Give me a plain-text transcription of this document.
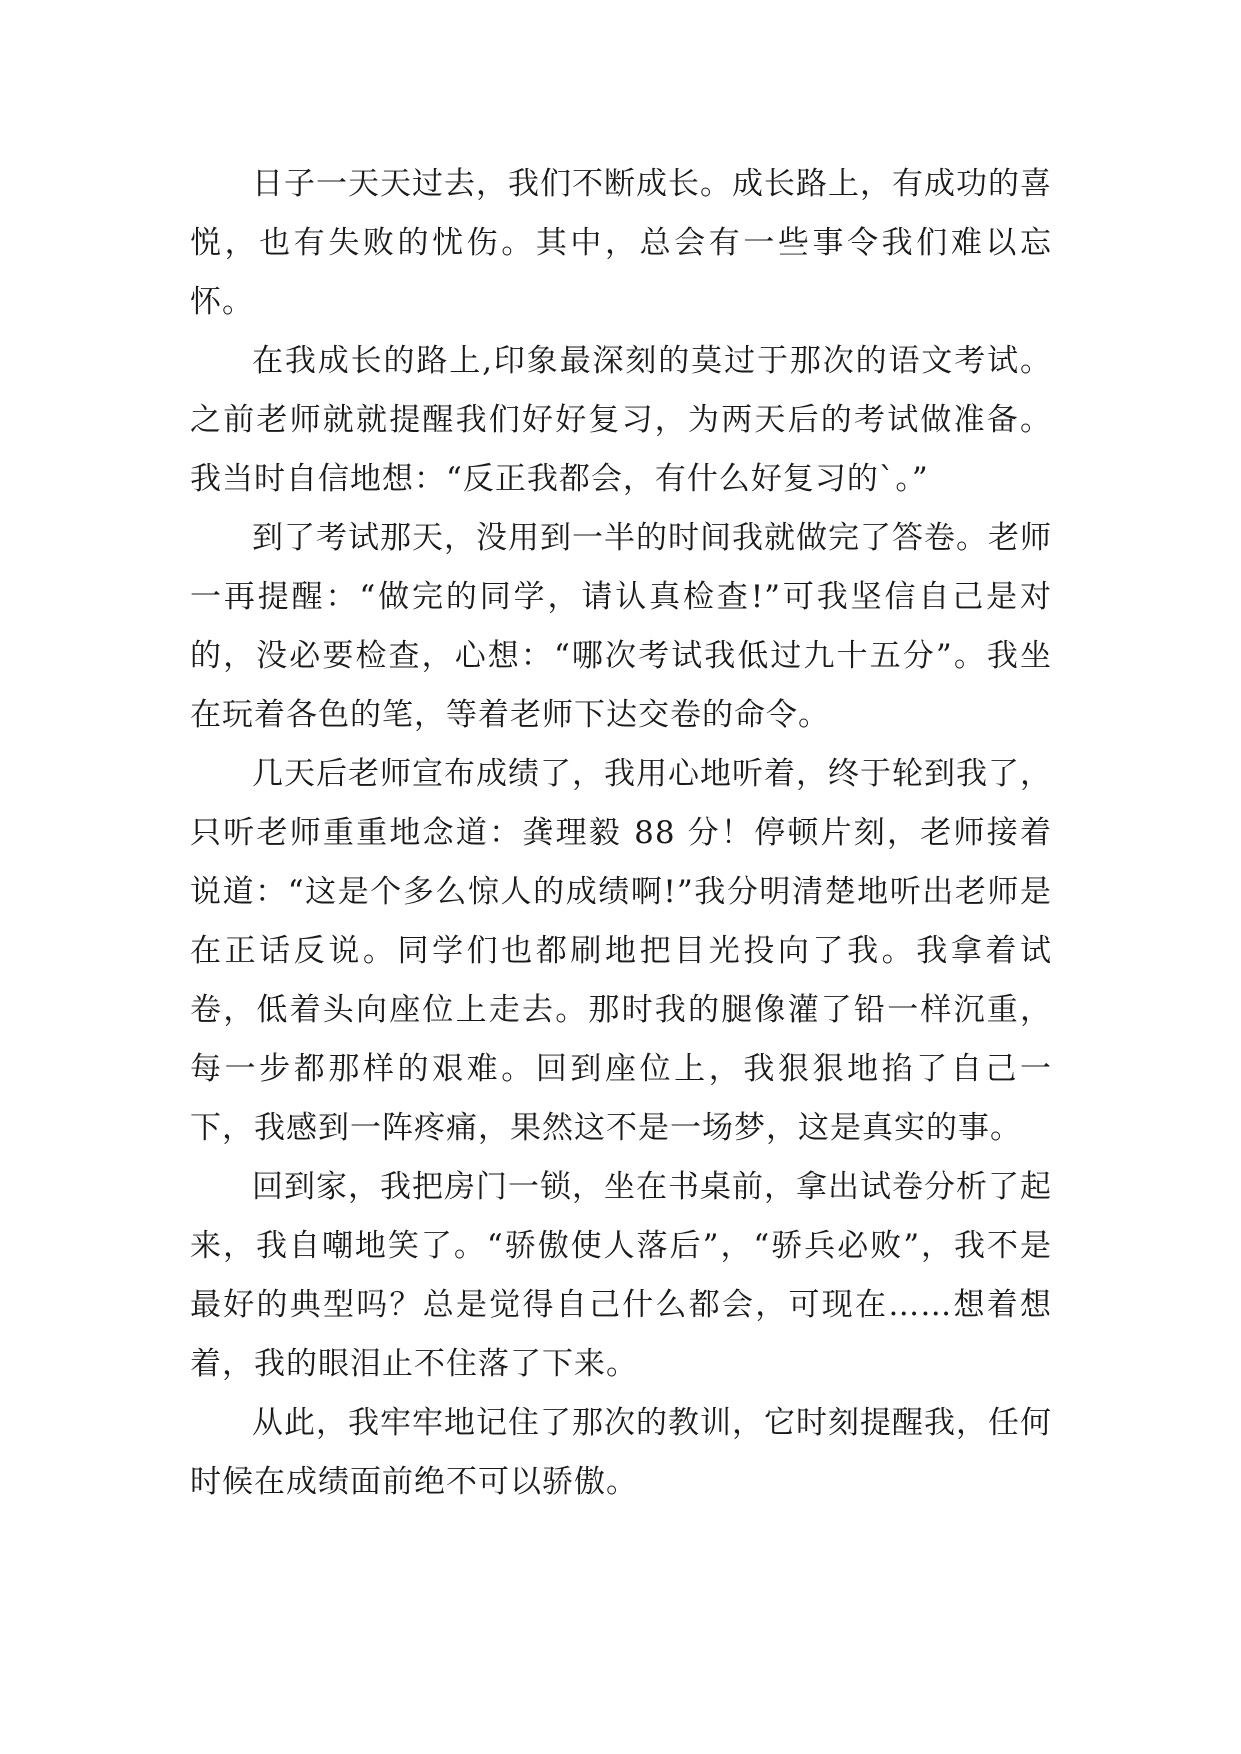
日子一天天过去，我们不断成长。成长路上，有成功的喜悦，也有失败的忧伤。其中，总会有一些事令我们难以忘怀。

在我成长的路上,印象最深刻的莫过于那次的语文考试。之前老师就就提醒我们好好复习，为两天后的考试做准备。我当时自信地想：“反正我都会，有什么好复习的`。”

到了考试那天，没用到一半的时间我就做完了答卷。老师一再提醒：“做完的同学，请认真检查!”可我坚信自己是对的，没必要检查，心想：“哪次考试我低过九十五分”。我坐在玩着各色的笔，等着老师下达交卷的命令。

几天后老师宣布成绩了，我用心地听着，终于轮到我了，只听老师重重地念道：龚理毅 88 分！停顿片刻，老师接着说道：“这是个多么惊人的成绩啊!”我分明清楚地听出老师是在正话反说。同学们也都刷地把目光投向了我。我拿着试卷，低着头向座位上走去。那时我的腿像灌了铅一样沉重，每一步都那样的艰难。回到座位上，我狠狠地掐了自己一下，我感到一阵疼痛，果然这不是一场梦，这是真实的事。

回到家，我把房门一锁，坐在书桌前，拿出试卷分析了起来，我自嘲地笑了。“骄傲使人落后”，“骄兵必败”，我不是最好的典型吗？总是觉得自己什么都会，可现在……想着想着，我的眼泪止不住落了下来。

从此，我牢牢地记住了那次的教训，它时刻提醒我，任何时候在成绩面前绝不可以骄傲。
